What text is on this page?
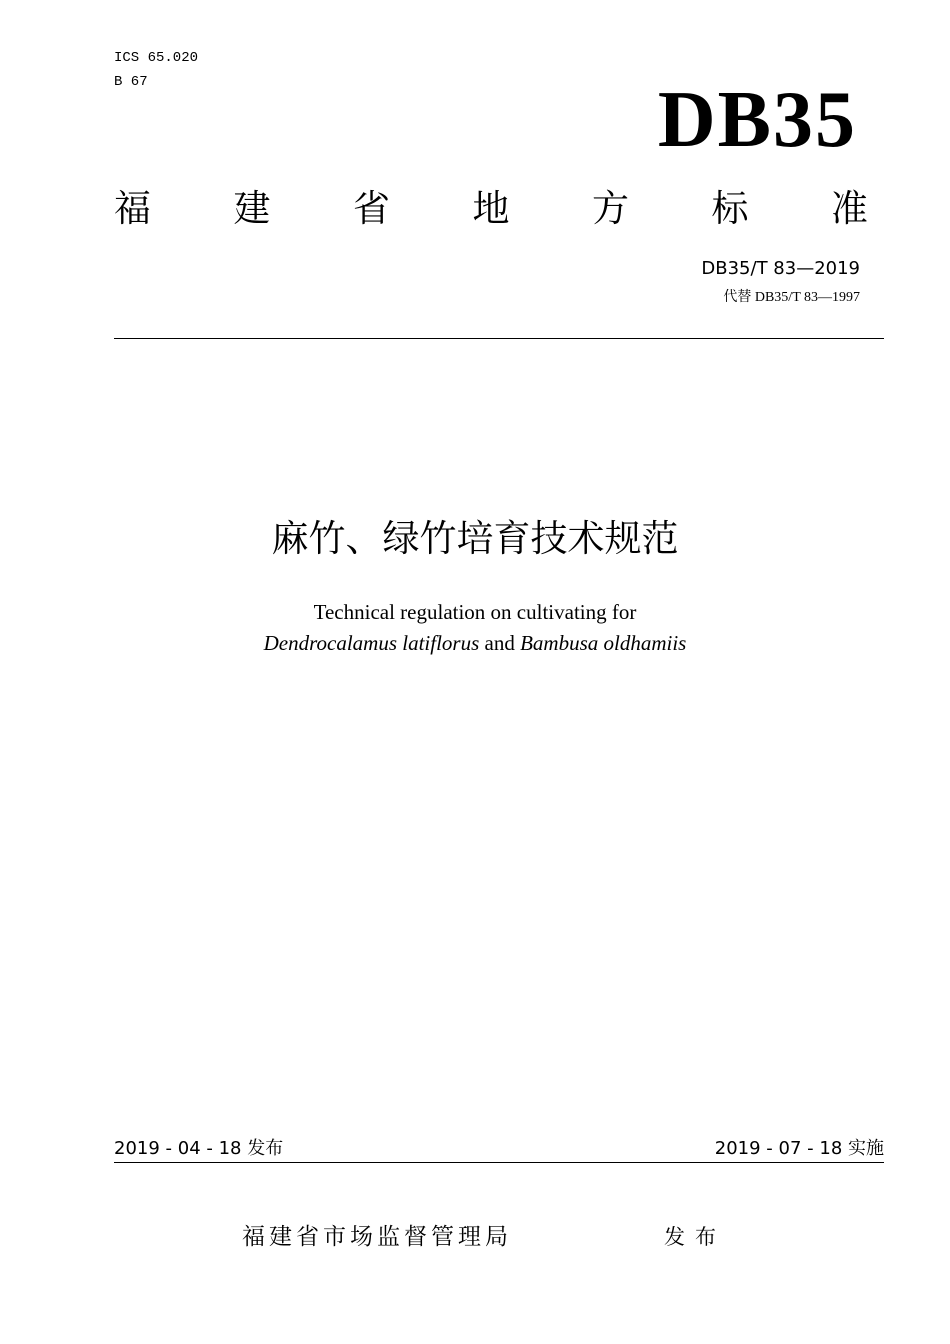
ICS 65.020
B 67	DB35
福 建 省 地 方 标 准
DB35/T 83—2019
代替 DB35/T 83—1997
麻竹、绿竹培育技术规范
Technical regulation on cultivating for
Dendrocalamus latiflorus and Bambusa oldhamiis
2019 - 04 - 18 发布	2019 - 07 - 18 实施
福建省市场监督管理局	发布
